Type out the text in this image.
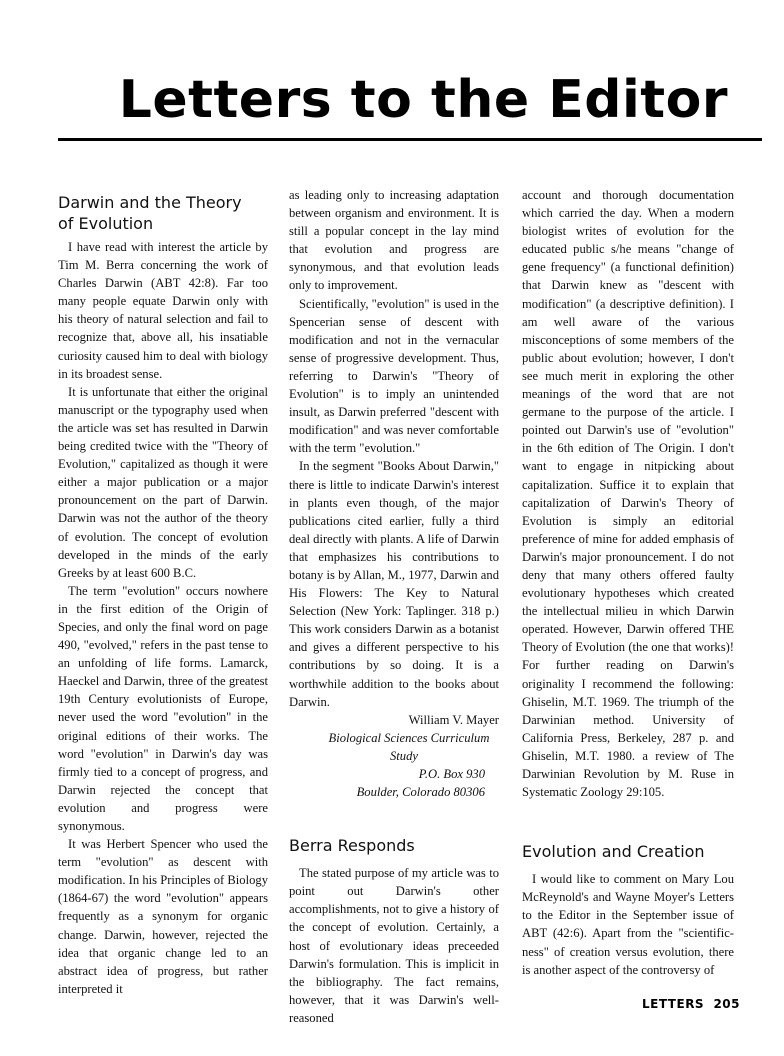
Letters to the Editor
Darwin and the Theory
of Evolution

I have read with interest the article by Tim M. Berra concerning the work of Charles Darwin (ABT 42:8). Far too many people equate Darwin only with his theory of natural selection and fail to recognize that, above all, his insatiable curiosity caused him to deal with biology in its broadest sense.

It is unfortunate that either the original manuscript or the typography used when the article was set has resulted in Darwin being credited twice with the "Theory of Evolution," capitalized as though it were either a major publication or a major pronouncement on the part of Darwin. Darwin was not the author of the theory of evolution. The concept of evolution developed in the minds of the early Greeks by at least 600 B.C.

The term "evolution" occurs nowhere in the first edition of the Origin of Species, and only the final word on page 490, "evolved," refers in the past tense to an unfolding of life forms. Lamarck, Haeckel and Darwin, three of the greatest 19th Century evolutionists of Europe, never used the word "evolution" in the original editions of their works. The word "evolution" in Darwin's day was firmly tied to a concept of progress, and Darwin rejected the concept that evolution and progress were synonymous.

It was Herbert Spencer who used the term "evolution" as descent with modification. In his Principles of Biology (1864-67) the word "evolution" appears frequently as a synonym for organic change. Darwin, however, rejected the idea that organic change led to an abstract idea of progress, but rather interpreted it

as leading only to increasing adaptation between organism and environment. It is still a popular concept in the lay mind that evolution and progress are synonymous, and that evolution leads only to improvement.

Scientifically, "evolution" is used in the Spencerian sense of descent with modification and not in the vernacular sense of progressive development. Thus, referring to Darwin's "Theory of Evolution" is to imply an unintended insult, as Darwin preferred "descent with modification" and was never comfortable with the term "evolution."

In the segment "Books About Darwin," there is little to indicate Darwin's interest in plants even though, of the major publications cited earlier, fully a third deal directly with plants. A life of Darwin that emphasizes his contributions to botany is by Allan, M., 1977, Darwin and His Flowers: The Key to Natural Selection (New York: Taplinger. 318 p.) This work considers Darwin as a botanist and gives a different perspective to his contributions by so doing. It is a worthwhile addition to the books about Darwin.

William V. Mayer

Biological Sciences Curriculum Study

P.O. Box 930

Boulder, Colorado 80306

Berra Responds

The stated purpose of my article was to point out Darwin's other accomplishments, not to give a history of the concept of evolution. Certainly, a host of evolutionary ideas preceeded Darwin's formulation. This is implicit in the bibliography. The fact remains, however, that it was Darwin's well-reasoned

account and thorough documentation which carried the day. When a modern biologist writes of evolution for the educated public s/he means "change of gene frequency" (a functional definition) that Darwin knew as "descent with modification" (a descriptive definition). I am well aware of the various misconceptions of some members of the public about evolution; however, I don't see much merit in exploring the other meanings of the word that are not germane to the purpose of the article. I pointed out Darwin's use of "evolution" in the 6th edition of The Origin. I don't want to engage in nitpicking about capitalization. Suffice it to explain that capitalization of Darwin's Theory of Evolution is simply an editorial preference of mine for added emphasis of Darwin's major pronouncement. I do not deny that many others offered faulty evolutionary hypotheses which created the intellectual milieu in which Darwin operated. However, Darwin offered THE Theory of Evolution (the one that works)! For further reading on Darwin's originality I recommend the following: Ghiselin, M.T. 1969. The triumph of the Darwinian method. University of California Press, Berkeley, 287 p. and Ghiselin, M.T. 1980. a review of The Darwinian Revolution by M. Ruse in Systematic Zoology 29:105.

Evolution and Creation

I would like to comment on Mary Lou McReynold's and Wayne Moyer's Letters to the Editor in the September issue of ABT (42:6). Apart from the "scientific-ness" of creation versus evolution, there is another aspect of the controversy of

LETTERS 205
